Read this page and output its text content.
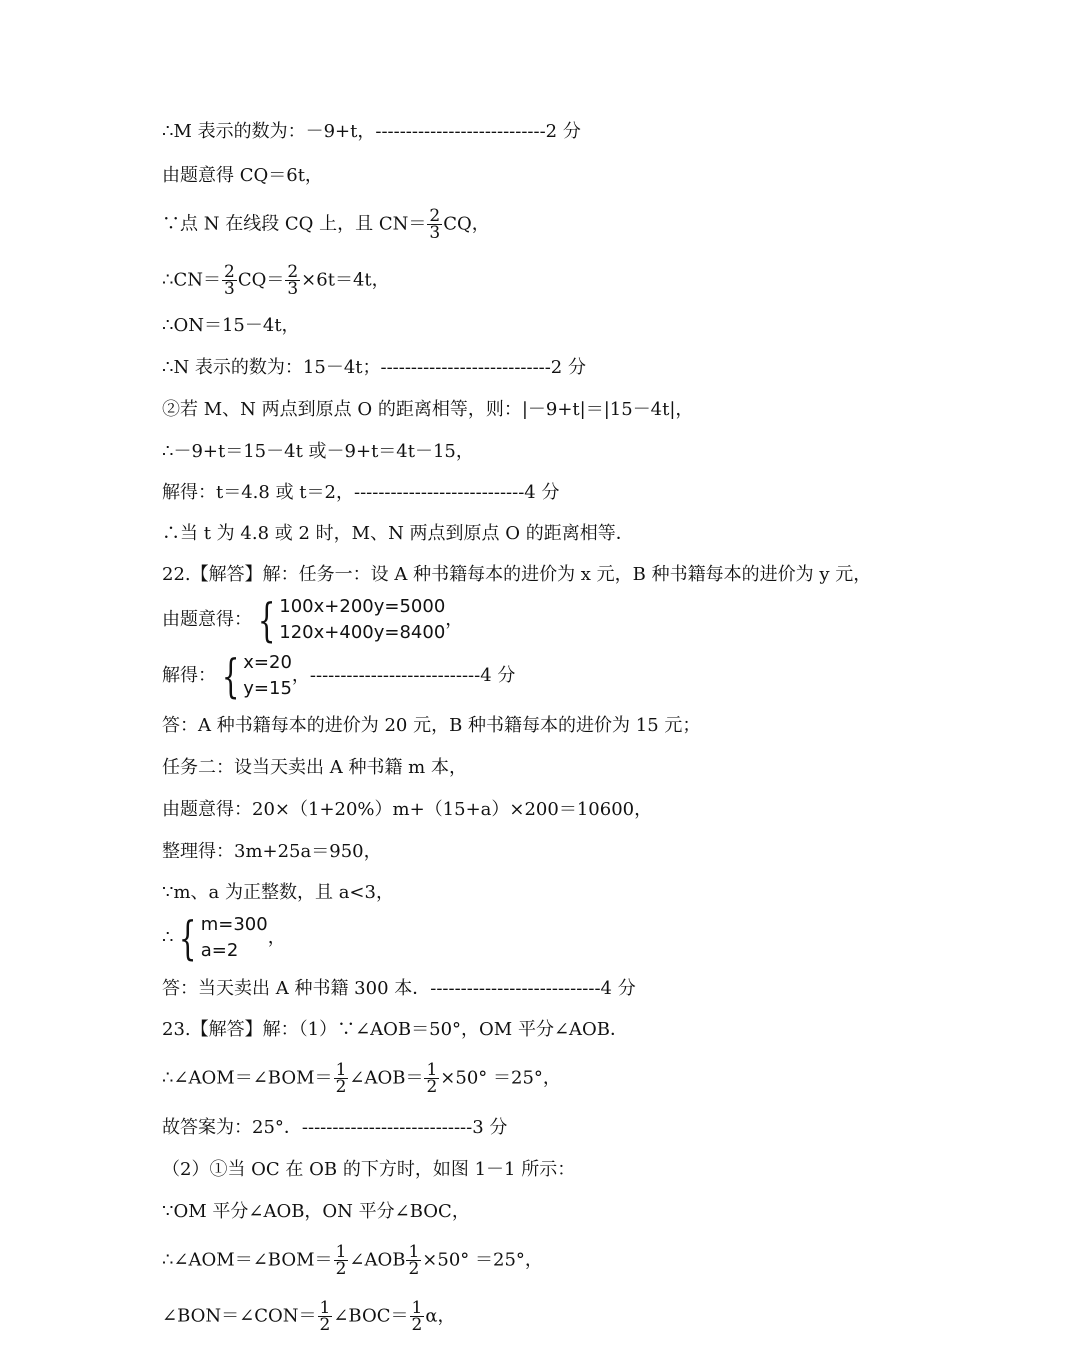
∴M 表示的数为：－9+t，----------------------------2 分
由题意得 CQ＝6t，
∵点 N 在线段 CQ 上，且 $CN= \frac{2}{3}$ CQ，
∴CN＝ $\frac{2}{3} CQ= \frac{2}{3} \times 6t=4t$，
∴ON＝15－4t，
∴N 表示的数为：15－4t；----------------------------2 分
②若 M、N 两点到原点 O 的距离相等，则：|－9+t|＝|15－4t|，
∴－9+t＝15－4t 或－9+t＝4t－15，
解得：t＝4.8 或 t＝2，----------------------------4 分
∴当 t 为 4.8 或 2 时，M、N 两点到原点 O 的距离相等．
22.【解答】解：任务一：设 A 种书籍每本的进价为 x 元，B 种书籍每本的进价为 y 元，
由题意得： { 100x+200y=5000
120x+400y=8400
，
解得： { x=20
y=15
，----------------------------4 分
答：A 种书籍每本的进价为 20 元，B 种书籍每本的进价为 15 元；
任务二：设当天卖出 A 种书籍 m 本，
由题意得：20×（1+20%）m+（15+a）×200＝10600，
整理得：3m+25a＝950，
∵m、a 为正整数，且 a<3，
∴ { m=300
a=2
，
答：当天卖出 A 种书籍 300 本．----------------------------4 分
23.【解答】解：（1）∵∠AOB＝50°，OM 平分∠AOB．
∴∠AOM＝∠BOM＝ $\frac{1}{2}$ ∠AOB＝ $\frac{1}{2} \times 50^\circ =25^\circ$，
故答案为：25°．----------------------------3 分
（2）①当 OC 在 OB 的下方时，如图 1－1 所示：
∵OM 平分∠AOB，ON 平分∠BOC，
∴∠AOM＝∠BOM＝ $\frac{1}{2}$ ∠AOB $\frac{1}{2} \times 50^\circ =25^\circ$，
∠BON＝∠CON＝ $\frac{1}{2}$ ∠BOC＝ $\frac{1}{2}$ α，
